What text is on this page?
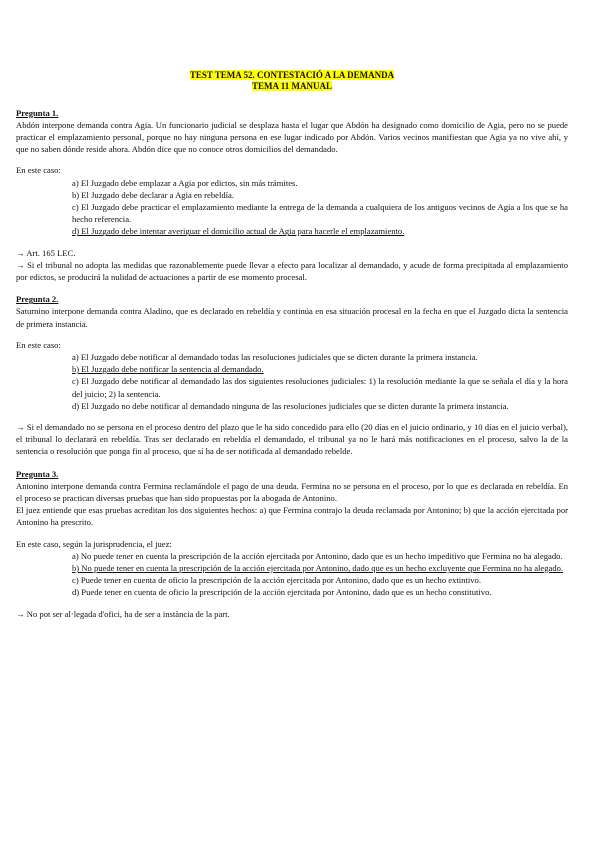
TEST TEMA 52. CONTESTACIÓ A LA DEMANDA
TEMA 11 MANUAL
Pregunta 1.

Abdón interpone demanda contra Agia. Un funcionario judicial se desplaza hasta el lugar que Abdón ha designado como domicilio de Agia, pero no se puede practicar el emplazamiento personal, porque no hay ninguna persona en ese lugar indicado por Abdón. Varios vecinos manifiestan que Agia ya no vive ahí, y que no saben dónde reside ahora. Abdón dice que no conoce otros domicilios del demandado.

En este caso:

a) El Juzgado debe emplazar a Agia por edictos, sin más trámites.

b) El Juzgado debe declarar a Agia en rebeldía.

c) El Juzgado debe practicar el emplazamiento mediante la entrega de la demanda a cualquiera de los antiguos vecinos de Agia a los que se ha hecho referencia.

d) El Juzgado debe intentar averiguar el domicilio actual de Agia para hacerle el emplazamiento.

→ Art. 165 LEC.

→ Si el tribunal no adopta las medidas que razonablemente puede llevar a efecto para localizar al demandado, y acude de forma precipitada al emplazamiento por edictos, se producirá la nulidad de actuaciones a partir de ese momento procesal.

Pregunta 2.

Saturnino interpone demanda contra Aladino, que es declarado en rebeldía y continúa en esa situación procesal en la fecha en que el Juzgado dicta la sentencia de primera instancia.

En este caso:

a) El Juzgado debe notificar al demandado todas las resoluciones judiciales que se dicten durante la primera instancia.

b) El Juzgado debe notificar la sentencia al demandado.

c) El Juzgado debe notificar al demandado las dos siguientes resoluciones judiciales: 1) la resolución mediante la que se señala el día y la hora del juicio; 2) la sentencia.

d) El Juzgado no debe notificar al demandado ninguna de las resoluciones judiciales que se dicten durante la primera instancia.

→ Si el demandado no se persona en el proceso dentro del plazo que le ha sido concedido para ello (20 días en el juicio ordinario, y 10 días en el juicio verbal), el tribunal lo declarará en rebeldía. Tras ser declarado en rebeldía el demandado, el tribunal ya no le hará más notificaciones en el proceso, salvo la de la sentencia o resolución que ponga fin al proceso, que sí ha de ser notificada al demandado rebelde.

Pregunta 3.

Antonino interpone demanda contra Fermina reclamándole el pago de una deuda. Fermina no se persona en el proceso, por lo que es declarada en rebeldía. En el proceso se practican diversas pruebas que han sido propuestas por la abogada de Antonino.

El juez entiende que esas pruebas acreditan los dos siguientes hechos: a) que Fermina contrajo la deuda reclamada por Antonino; b) que la acción ejercitada por Antonino ha prescrito.

En este caso, según la jurisprudencia, el juez:

a) No puede tener en cuenta la prescripción de la acción ejercitada por Antonino, dado que es un hecho impeditivo que Fermina no ha alegado.

b) No puede tener en cuenta la prescripción de la acción ejercitada por Antonino, dado que es un hecho excluyente que Fermina no ha alegado.

c) Puede tener en cuenta de oficio la prescripción de la acción ejercitada por Antonino, dado que es un hecho extintivo.

d) Puede tener en cuenta de oficio la prescripción de la acción ejercitada por Antonino, dado que es un hecho constitutivo.

→ No pot ser al·legada d'ofici, ha de ser a instància de la part.
